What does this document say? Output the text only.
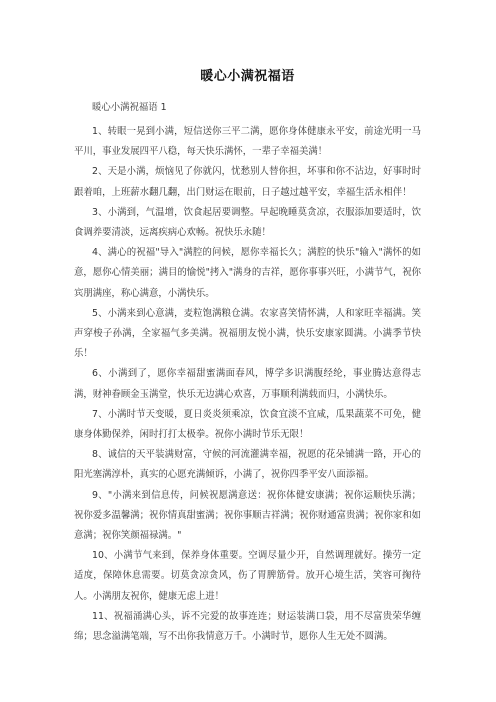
暖心小满祝福语
暖心小满祝福语 1

1、转眼一晃到小满，短信送你三平二满，愿你身体健康永平安，前途光明一马平川，事业发展四平八稳，每天快乐满怀，一辈子幸福美满！

2、天是小满，烦恼见了你就闪，忧愁别人替你担，坏事和你不沾边，好事时时跟着咱，上班薪水翻几翻，出门财运在眼前，日子越过越平安，幸福生活永相伴！

3、小满到，气温增，饮食起居要调整。早起晚睡莫贪凉，衣服添加要适时，饮食调养要清淡，远离疾病心欢畅。祝快乐永随！

4、满心的祝福"导入"满腔的问候，愿你幸福长久；满腔的快乐"输入"满怀的如意，愿你心情美丽；满目的愉悦"拷入"满身的吉祥，愿你事事兴旺，小满节气，祝你宾朋满座，称心满意，小满快乐。

5、小满来到心意满，麦粒饱满粮仓满。农家喜笑情怀满，人和家旺幸福满。笑声穿梭子孙满，全家福气多美满。祝福朋友悦小满，快乐安康家圆满。小满季节快乐！

6、小满到了，愿你幸福甜蜜满面春风，博学多识满腹经纶，事业腾达意得志满，财神眷顾金玉满堂，快乐无边满心欢喜，万事顺利满载而归，小满快乐。

7、小满时节天变暖，夏日炎炎须乘凉，饮食宜淡不宜咸，瓜果蔬菜不可免，健康身体勤保养，闲时打打太极拳。祝你小满时节乐无限！

8、诚信的天平装满财富，守候的河流灌满幸福，祝愿的花朵铺满一路，开心的阳光塞满淳朴，真实的心愿充满倾诉，小满了，祝你四季平安八面添福。

9、"小满来到信息传，问候祝愿满意送：祝你体健安康满；祝你运顺快乐满；祝你爱多温馨满；祝你情真甜蜜满；祝你事顺吉祥满；祝你财通富贵满；祝你家和如意满；祝你笑颜福禄满。"

10、小满节气来到，保养身体重要。空调尽量少开，自然调理就好。操劳一定适度，保障休息需要。切莫贪凉贪风，伤了胃脾筋骨。放开心境生活，笑容可掬待人。小满朋友祝你，健康无虑上进！

11、祝福涌满心头，诉不完爱的故事连连；财运装满口袋，用不尽富贵荣华缠绵；思念溢满笔端，写不出你我情意万千。小满时节，愿你人生无处不圆满。
